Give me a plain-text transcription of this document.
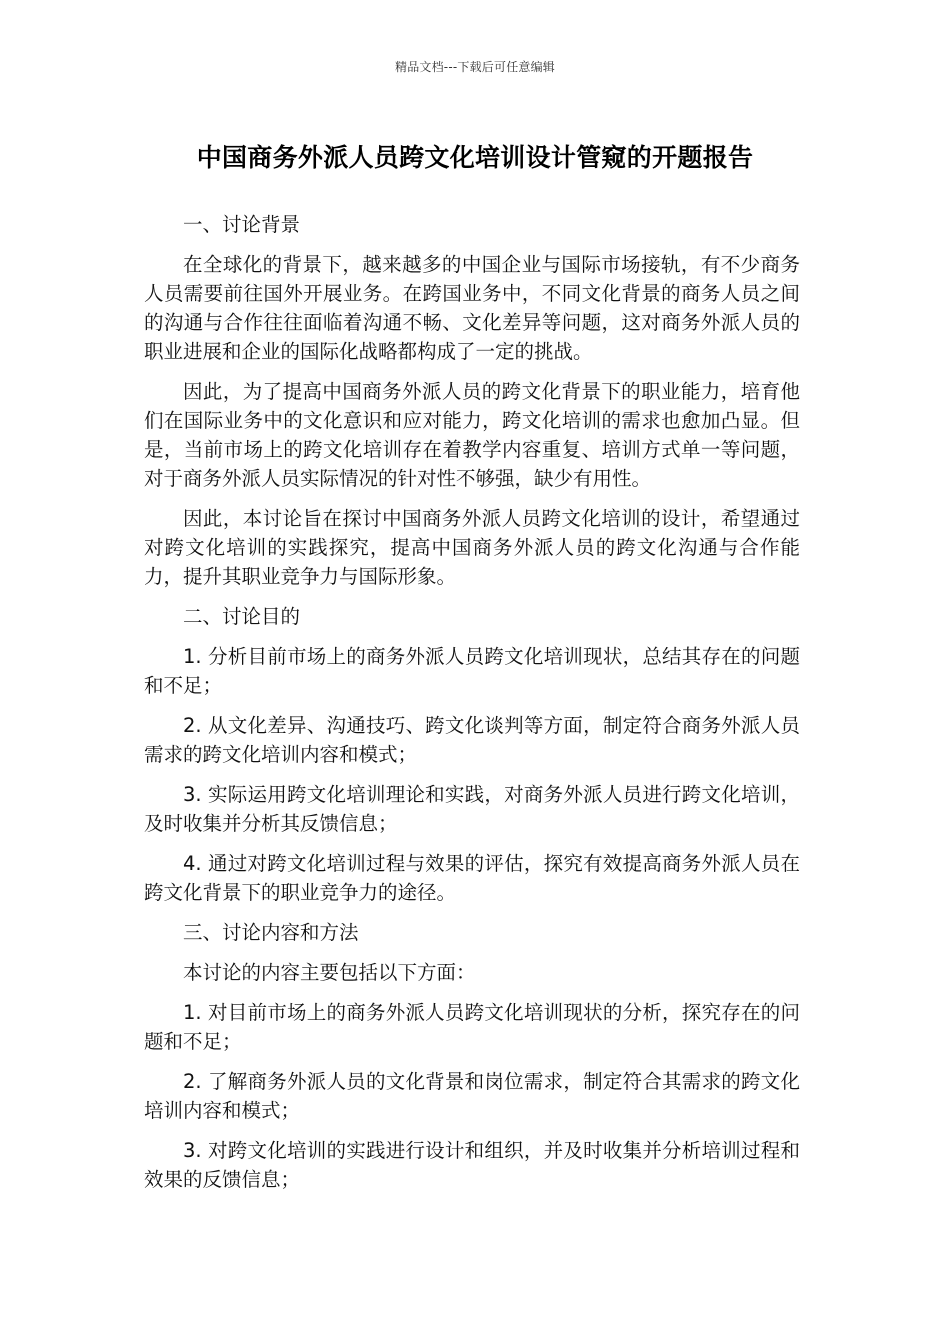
精品文档---下载后可任意编辑
中国商务外派人员跨文化培训设计管窥的开题报告

一、讨论背景

在全球化的背景下，越来越多的中国企业与国际市场接轨，有不少商务人员需要前往国外开展业务。在跨国业务中，不同文化背景的商务人员之间的沟通与合作往往面临着沟通不畅、文化差异等问题，这对商务外派人员的职业进展和企业的国际化战略都构成了一定的挑战。

因此，为了提高中国商务外派人员的跨文化背景下的职业能力，培育他们在国际业务中的文化意识和应对能力，跨文化培训的需求也愈加凸显。但是，当前市场上的跨文化培训存在着教学内容重复、培训方式单一等问题，对于商务外派人员实际情况的针对性不够强，缺少有用性。

因此，本讨论旨在探讨中国商务外派人员跨文化培训的设计，希望通过对跨文化培训的实践探究，提高中国商务外派人员的跨文化沟通与合作能力，提升其职业竞争力与国际形象。

二、讨论目的

1. 分析目前市场上的商务外派人员跨文化培训现状，总结其存在的问题和不足；

2. 从文化差异、沟通技巧、跨文化谈判等方面，制定符合商务外派人员需求的跨文化培训内容和模式；

3. 实际运用跨文化培训理论和实践，对商务外派人员进行跨文化培训，及时收集并分析其反馈信息；

4. 通过对跨文化培训过程与效果的评估，探究有效提高商务外派人员在跨文化背景下的职业竞争力的途径。

三、讨论内容和方法

本讨论的内容主要包括以下方面：

1. 对目前市场上的商务外派人员跨文化培训现状的分析，探究存在的问题和不足；

2. 了解商务外派人员的文化背景和岗位需求，制定符合其需求的跨文化培训内容和模式；

3. 对跨文化培训的实践进行设计和组织，并及时收集并分析培训过程和效果的反馈信息；
